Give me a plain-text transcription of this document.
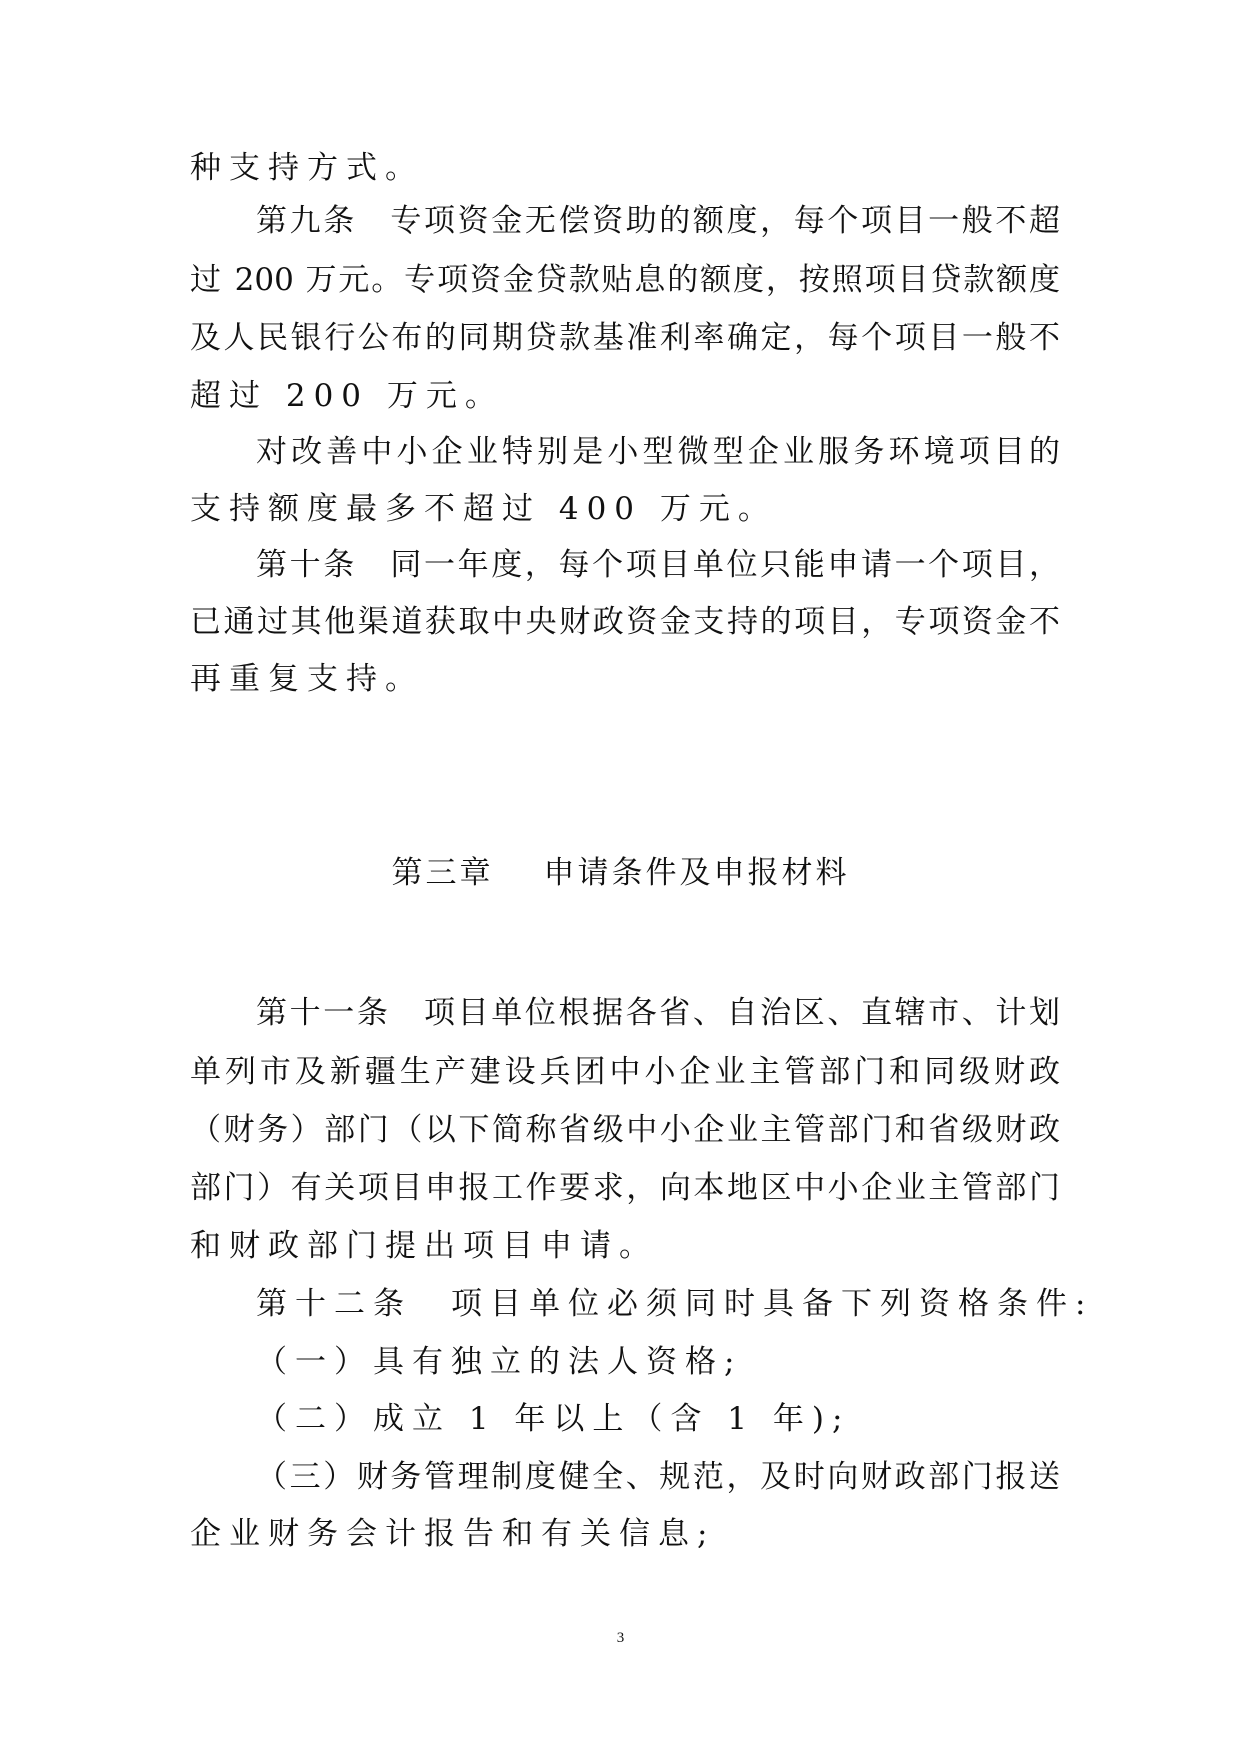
种支持方式。
第九条　专项资金无偿资助的额度，每个项目一般不超
过 200 万元。专项资金贷款贴息的额度，按照项目贷款额度
及人民银行公布的同期贷款基准利率确定，每个项目一般不
超过 200 万元。
对改善中小企业特别是小型微型企业服务环境项目的
支持额度最多不超过 400 万元。
第十条　同一年度，每个项目单位只能申请一个项目，
已通过其他渠道获取中央财政资金支持的项目，专项资金不
再重复支持。
第三章 申请条件及申报材料
第十一条　项目单位根据各省、自治区、直辖市、计划
单列市及新疆生产建设兵团中小企业主管部门和同级财政
（财务）部门（以下简称省级中小企业主管部门和省级财政
部门）有关项目申报工作要求，向本地区中小企业主管部门
和财政部门提出项目申请。
第十二条　项目单位必须同时具备下列资格条件:
（一）具有独立的法人资格;
（二）成立 1 年以上（含 1 年);
（三）财务管理制度健全、规范，及时向财政部门报送
企业财务会计报告和有关信息;
3
